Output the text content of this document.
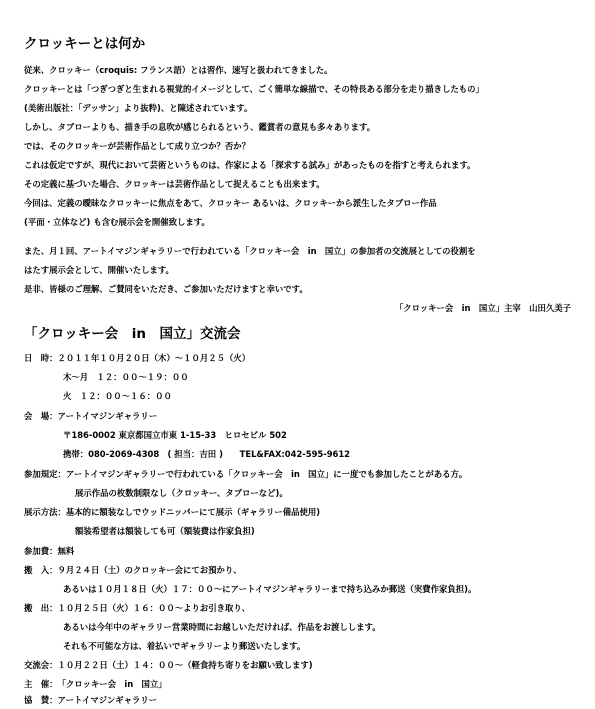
クロッキーとは何か
従来、クロッキー（croquis: フランス語）とは習作、速写と扱われてきました。
クロッキーとは「つぎつぎと生まれる視覚的イメージとして、ごく簡単な線描で、その特長ある部分を走り描きしたもの」
(美術出版社：「デッサン」より抜粋)、と陳述されています。
しかし、タブローよりも、描き手の息吹が感じられるという、鑑賞者の意見も多々あります。
では、そのクロッキーが芸術作品として成り立つか？否か？
これは仮定ですが、現代において芸術というものは、作家による「探求する試み」があったものを指すと考えられます。
その定義に基づいた場合、クロッキーは芸術作品として捉えることも出来ます。
今回は、定義の曖昧なクロッキーに焦点をあて、クロッキー あるいは、クロッキーから派生したタブロー作品
(平面・立体など) も含む展示会を開催致します。
また、月１回、アートイマジンギャラリーで行われている「クロッキー会　in　国立」の参加者の交流展としての役割を
はたす展示会として、開催いたします。
是非、皆様のご理解、ご賛同をいただき、ご参加いただけますと幸いです。
「クロッキー会　in　国立」主宰　山田久美子
「クロッキー会　in　国立」交流会
日　時：２０１１年１０月２０日（木）～１０月２５（火）
木～月　１２：００～１９：００
火　１２：００～１６：００
会　場：アートイマジンギャラリー
〒186-0002 東京都国立市東 1-15-33　ヒロセビル 502
携帯：080-2069-4308　( 担当：吉田 )　　TEL&FAX:042-595-9612
参加規定：アートイマジンギャラリーで行われている「クロッキー会　in　国立」に一度でも参加したことがある方。
展示作品の枚数制限なし（クロッキー、タブローなど)。
展示方法：基本的に額装なしでウッドニッパーにて展示（ギャラリー備品使用)
額装希望者は額装しても可（額装費は作家負担)
参加費：無料
搬　入：９月２４日（土）のクロッキー会にてお預かり、
あるいは１０月１８日（火）１７：００～にアートイマジンギャラリーまで持ち込みか郵送（実費作家負担)。
搬　出：１０月２５日（火）１６：００～よりお引き取り、
あるいは今年中のギャラリー営業時間にお越しいただければ、作品をお渡しします。
それも不可能な方は、着払いでギャラリーより郵送いたします。
交流会：１０月２２日（土）１４：００～（軽食持ち寄りをお願い致します)
主　催：「クロッキー会　in　国立」
協　賛：アートイマジンギャラリー
